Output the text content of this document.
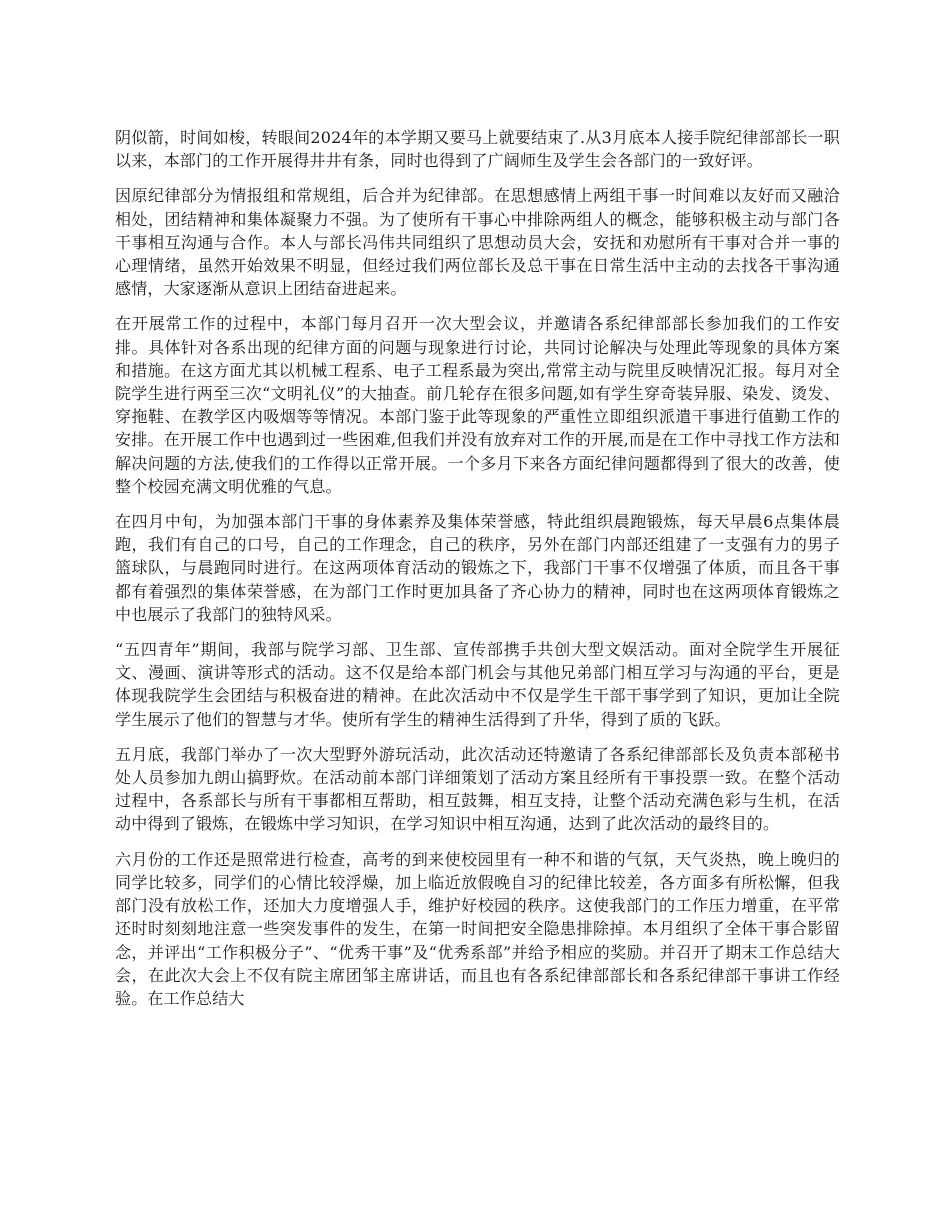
阴似箭，时间如梭，转眼间2024年的本学期又要马上就要结束了.从3月底本人接手院纪律部部长一职以来，本部门的工作开展得井井有条，同时也得到了广阔师生及学生会各部门的一致好评。

因原纪律部分为情报组和常规组，后合并为纪律部。在思想感情上两组干事一时间难以友好而又融洽相处，团结精神和集体凝聚力不强。为了使所有干事心中排除两组人的概念，能够积极主动与部门各干事相互沟通与合作。本人与部长冯伟共同组织了思想动员大会，安抚和劝慰所有干事对合并一事的心理情绪，虽然开始效果不明显，但经过我们两位部长及总干事在日常生活中主动的去找各干事沟通感情，大家逐渐从意识上团结奋进起来。

在开展常工作的过程中，本部门每月召开一次大型会议，并邀请各系纪律部部长参加我们的工作安排。具体针对各系出现的纪律方面的问题与现象进行讨论，共同讨论解决与处理此等现象的具体方案和措施。在这方面尤其以机械工程系、电子工程系最为突出,常常主动与院里反映情况汇报。每月对全院学生进行两至三次“文明礼仪”的大抽查。前几轮存在很多问题,如有学生穿奇装异服、染发、烫发、穿拖鞋、在教学区内吸烟等等情况。本部门鉴于此等现象的严重性立即组织派遣干事进行值勤工作的安排。在开展工作中也遇到过一些困难,但我们并没有放弃对工作的开展,而是在工作中寻找工作方法和解决问题的方法,使我们的工作得以正常开展。一个多月下来各方面纪律问题都得到了很大的改善，使整个校园充满文明优雅的气息。

在四月中旬，为加强本部门干事的身体素养及集体荣誉感，特此组织晨跑锻炼，每天早晨6点集体晨跑，我们有自己的口号，自己的工作理念，自己的秩序，另外在部门内部还组建了一支强有力的男子篮球队，与晨跑同时进行。在这两项体育活动的锻炼之下，我部门干事不仅增强了体质，而且各干事都有着强烈的集体荣誉感，在为部门工作时更加具备了齐心协力的精神，同时也在这两项体育锻炼之中也展示了我部门的独特风采。

“五四青年”期间，我部与院学习部、卫生部、宣传部携手共创大型文娱活动。面对全院学生开展征文、漫画、演讲等形式的活动。这不仅是给本部门机会与其他兄弟部门相互学习与沟通的平台，更是体现我院学生会团结与积极奋进的精神。在此次活动中不仅是学生干部干事学到了知识，更加让全院学生展示了他们的智慧与才华。使所有学生的精神生活得到了升华，得到了质的飞跃。

五月底，我部门举办了一次大型野外游玩活动，此次活动还特邀请了各系纪律部部长及负责本部秘书处人员参加九朗山搞野炊。在活动前本部门详细策划了活动方案且经所有干事投票一致。在整个活动过程中，各系部长与所有干事都相互帮助，相互鼓舞，相互支持，让整个活动充满色彩与生机，在活动中得到了锻炼，在锻炼中学习知识，在学习知识中相互沟通，达到了此次活动的最终目的。

六月份的工作还是照常进行检查，高考的到来使校园里有一种不和谐的气氛，天气炎热，晚上晚归的同学比较多，同学们的心情比较浮燥，加上临近放假晚自习的纪律比较差，各方面多有所松懈，但我部门没有放松工作，还加大力度增强人手，维护好校园的秩序。这使我部门的工作压力增重，在平常还时时刻刻地注意一些突发事件的发生，在第一时间把安全隐患排除掉。本月组织了全体干事合影留念，并评出“工作积极分子”、“优秀干事”及“优秀系部”并给予相应的奖励。并召开了期末工作总结大会，在此次大会上不仅有院主席团邹主席讲话，而且也有各系纪律部部长和各系纪律部干事讲工作经验。在工作总结大
